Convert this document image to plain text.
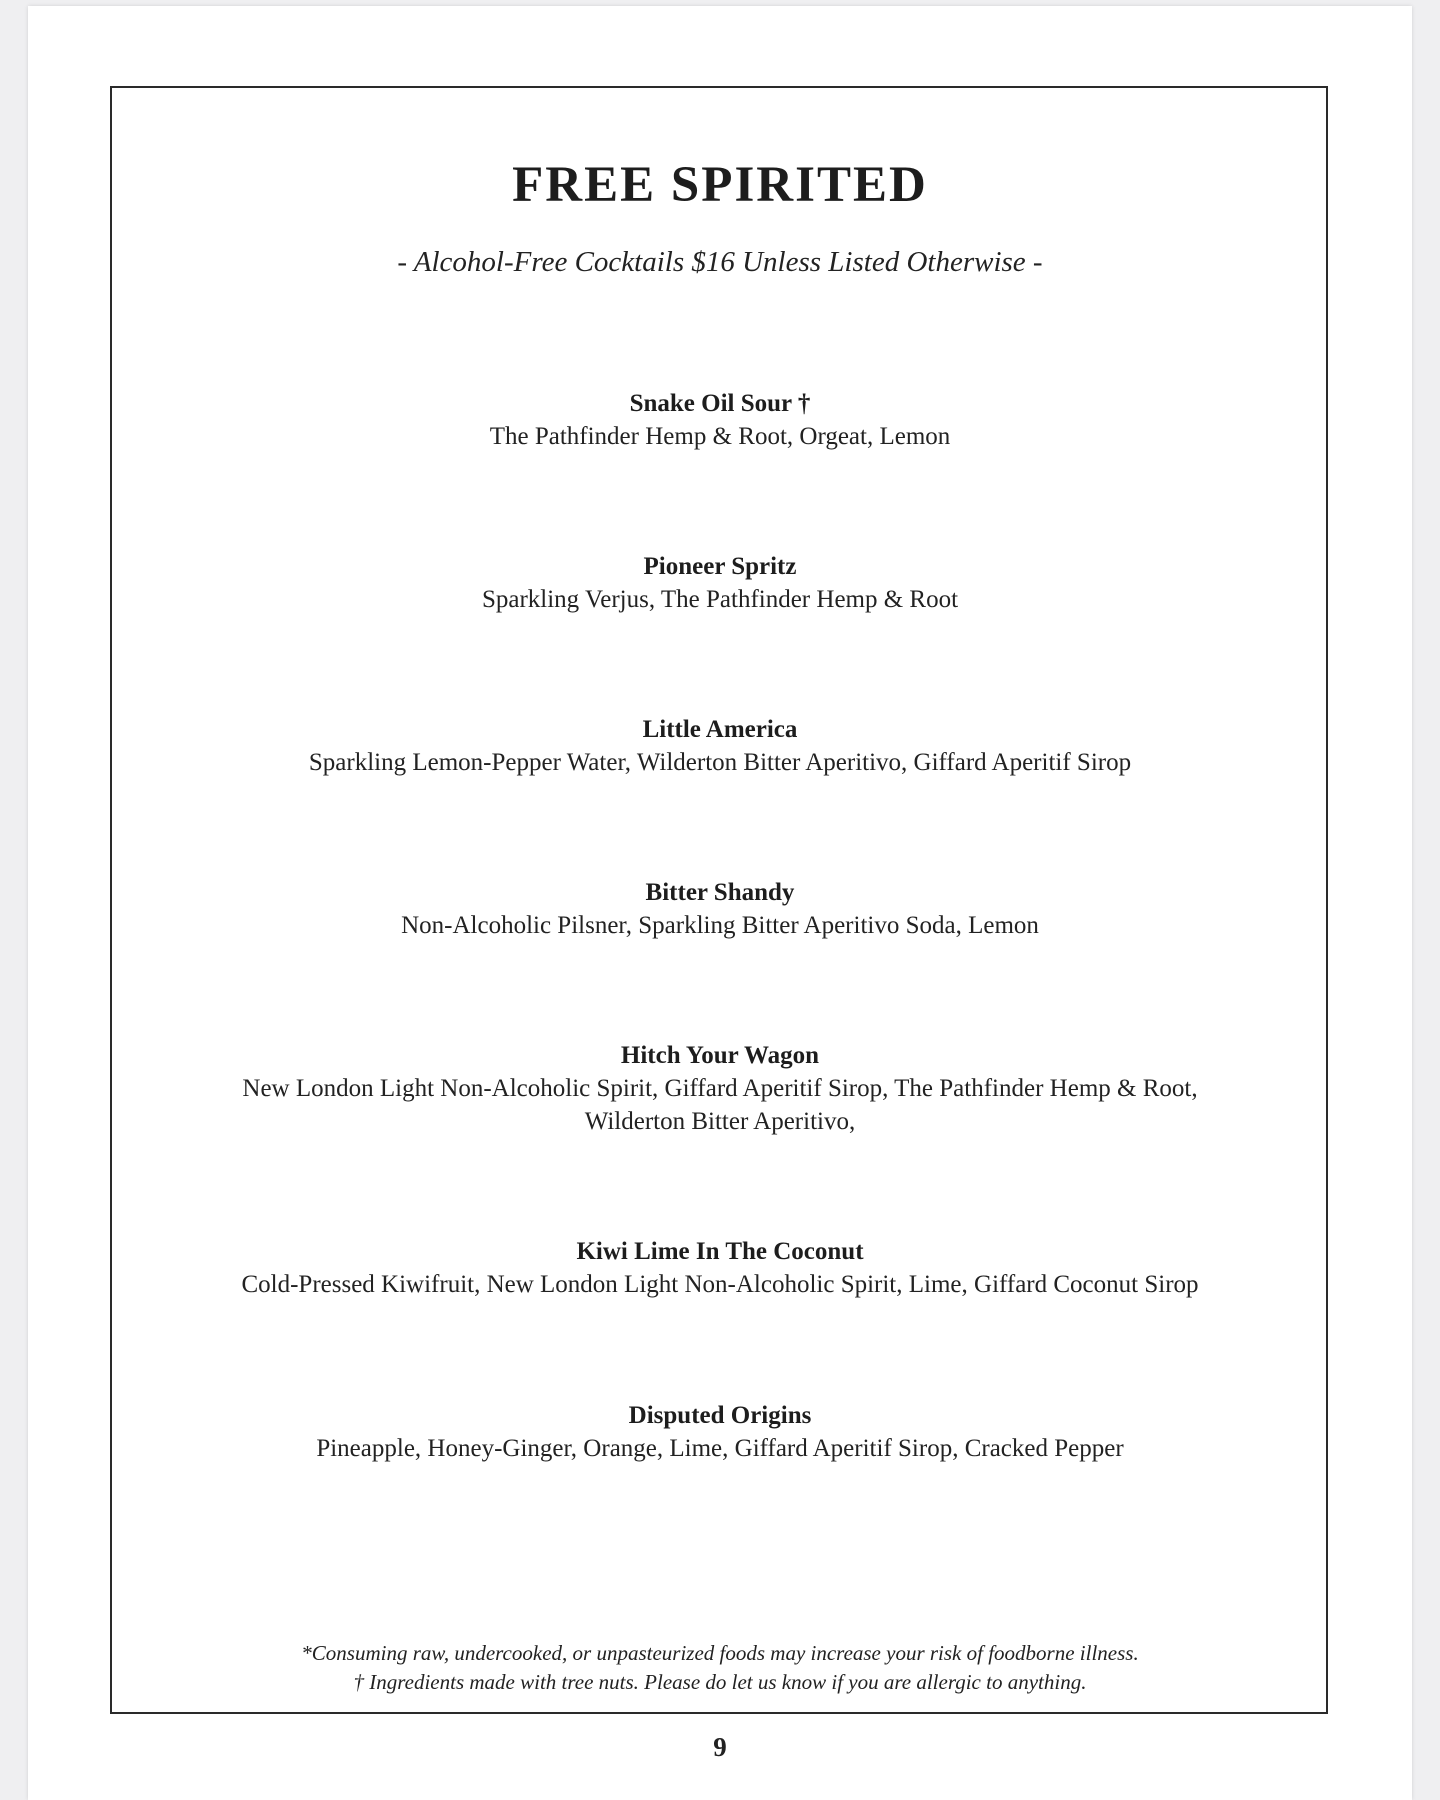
FREE SPIRITED
- Alcohol-Free Cocktails $16 Unless Listed Otherwise -
Snake Oil Sour †
The Pathfinder Hemp & Root, Orgeat, Lemon
Pioneer Spritz
Sparkling Verjus, The Pathfinder Hemp & Root
Little America
Sparkling Lemon-Pepper Water, Wilderton Bitter Aperitivo, Giffard Aperitif Sirop
Bitter Shandy
Non-Alcoholic Pilsner, Sparkling Bitter Aperitivo Soda, Lemon
Hitch Your Wagon
New London Light Non-Alcoholic Spirit, Giffard Aperitif Sirop, The Pathfinder Hemp & Root,
Wilderton Bitter Aperitivo,
Kiwi Lime In The Coconut
Cold-Pressed Kiwifruit, New London Light Non-Alcoholic Spirit, Lime, Giffard Coconut Sirop
Disputed Origins
Pineapple, Honey-Ginger, Orange, Lime, Giffard Aperitif Sirop, Cracked Pepper
*Consuming raw, undercooked, or unpasteurized foods may increase your risk of foodborne illness.
† Ingredients made with tree nuts. Please do let us know if you are allergic to anything.
9
